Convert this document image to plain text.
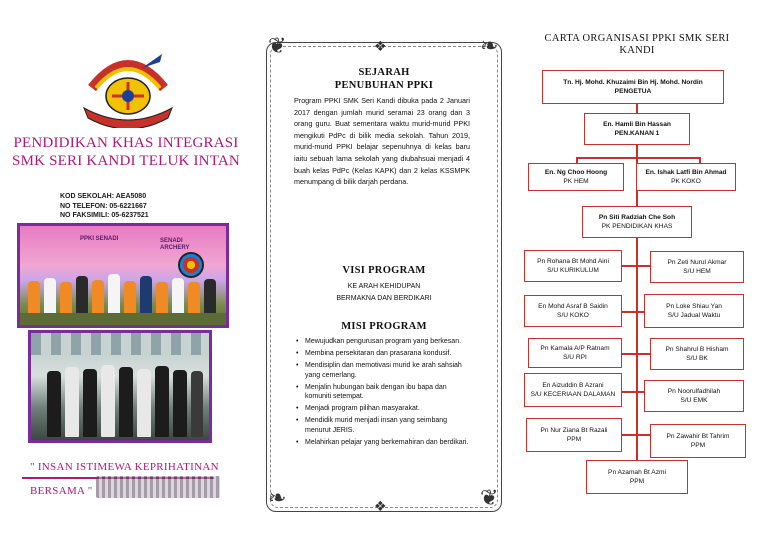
PENDIDIKAN KHAS INTEGRASI SMK SERI KANDI TELUK INTAN
KOD SEKOLAH: AEA5080
NO TELEFON: 05-6221667
NO FAKSIMILI: 05-6237521
PPKI SENADI	SENADI ARCHERY
" INSAN ISTIMEWA KEPRIHATINAN
BERSAMA "
❦	❧
❧	❦
❖
❖
SEJARAH
PENUBUHAN PPKI
Program PPKI SMK Seri Kandi dibuka pada 2 Januari 2017 dengan jumlah murid seramai 23 orang dan 3 orang guru. Buat sementara waktu murid-murid PPKI mengikuti PdPc di bilik media sekolah. Tahun 2019, murid-murid PPKI belajar sepenuhnya di kelas baru iaitu sebuah lama sekolah yang diubahsuai menjadi 4 buah kelas PdPc (Kelas KAPK) dan 2 kelas KSSMPK menumpang di bilik darjah perdana.
VISI PROGRAM
KE ARAH KEHIDUPAN
BERMAKNA DAN BERDIKARI
MISI PROGRAM
• Mewujudkan pengurusan program yang berkesan.
• Membina persekitaran dan prasarana kondusif.
• Mendisiplin dan memotivasi murid ke arah sahsiah yang cemerlang.
• Menjalin hubungan baik dengan ibu bapa dan komuniti setempat.
• Menjadi program pilihan masyarakat.
• Mendidik murid menjadi insan yang seimbang menurut JERIS.
• Melahirkan pelajar yang berkemahiran dan berdikari.
CARTA ORGANISASI PPKI SMK SERI
KANDI
Tn. Hj. Mohd. Khuzaimi Bin Hj. Mohd. Nordin
PENGETUA
En. Hamli Bin Hassan
PEN.KANAN 1
En. Ng Choo Hoong
PK HEM
En. Ishak Latfi Bin Ahmad
PK KOKO
Pn Siti Radziah Che Soh
PK PENDIDIKAN KHAS
Pn Rohana Bt Mohd Aini
S/U KURIKULUM
Pn Zeti Nurul Akmar
S/U HEM
En Mohd Asraf B Saidin
S/U KOKO
Pn Loke Shiau Yan
S/U Jadual Waktu
Pn Kamala A/P Ratnam
S/U RPI
Pn Shahrul B Hisham
S/U BK
En Aizuddin B Azrani
S/U KECERIAAN DALAMAN	Pn Noorulfadhilah
S/U EMK
Pn Nur Ziana Bt Razali
PPM	Pn Zawahir Bt Tahrim
PPM
Pn Azamah Bt Azmi
PPM
